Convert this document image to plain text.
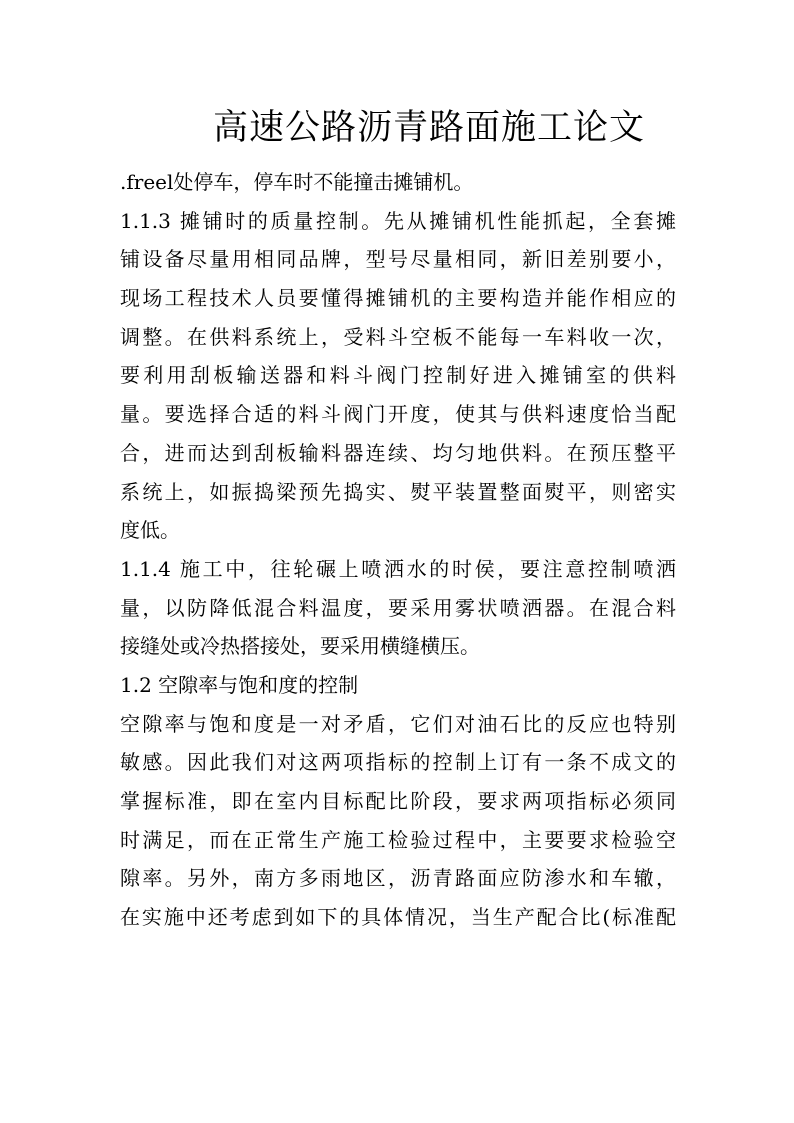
高速公路沥青路面施工论文
.freel处停车，停车时不能撞击摊铺机。
1.1.3 摊铺时的质量控制。先从摊铺机性能抓起，全套摊
铺设备尽量用相同品牌，型号尽量相同，新旧差别要小，
现场工程技术人员要懂得摊铺机的主要构造并能作相应的
调整。在供料系统上，受料斗空板不能每一车料收一次，
要利用刮板输送器和料斗阀门控制好进入摊铺室的供料
量。要选择合适的料斗阀门开度，使其与供料速度恰当配
合，进而达到刮板输料器连续、均匀地供料。在预压整平
系统上，如振捣梁预先捣实、熨平装置整面熨平，则密实
度低。
1.1.4 施工中，往轮碾上喷洒水的时侯，要注意控制喷洒
量，以防降低混合料温度，要采用雾状喷洒器。在混合料
接缝处或冷热搭接处，要采用横缝横压。
1.2 空隙率与饱和度的控制
空隙率与饱和度是一对矛盾，它们对油石比的反应也特别
敏感。因此我们对这两项指标的控制上订有一条不成文的
掌握标准，即在室内目标配比阶段，要求两项指标必须同
时满足，而在正常生产施工检验过程中，主要要求检验空
隙率。另外，南方多雨地区，沥青路面应防渗水和车辙，
在实施中还考虑到如下的具体情况，当生产配合比(标准配
